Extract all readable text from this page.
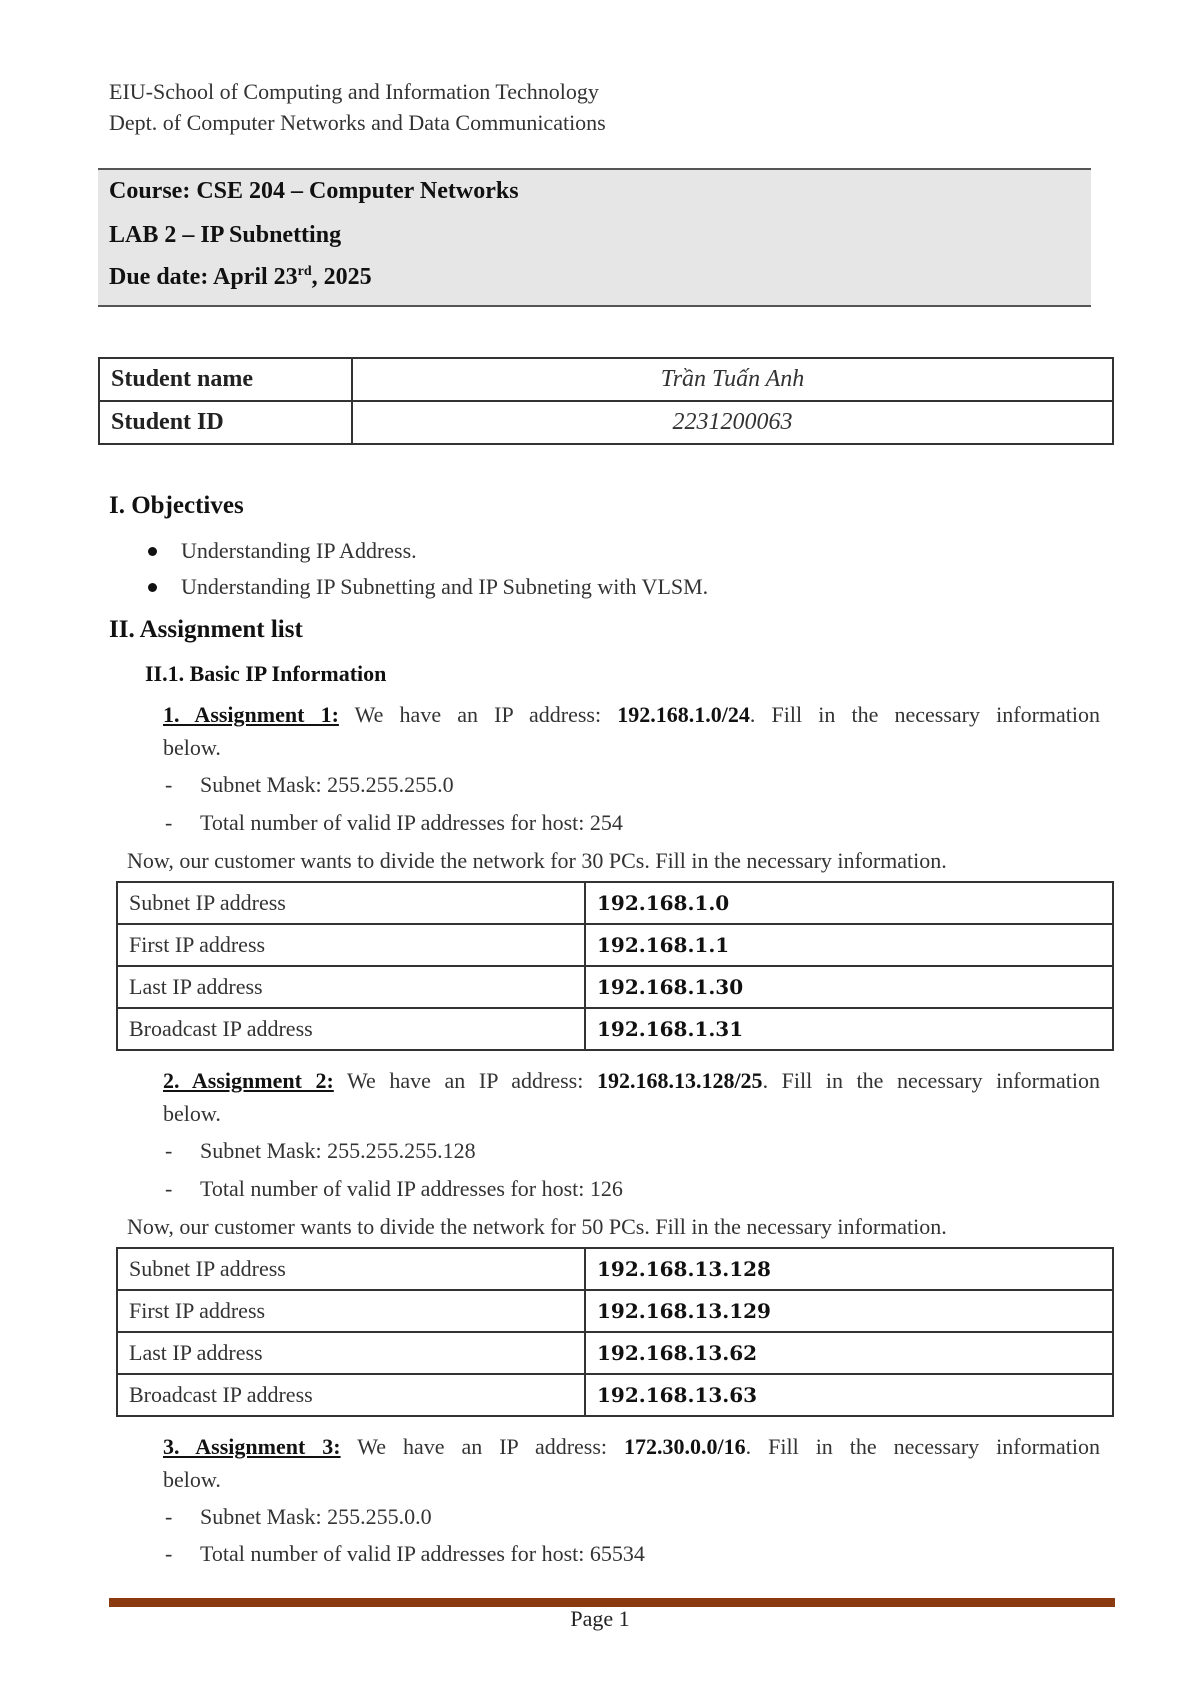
EIU-School of Computing and Information Technology
Dept. of Computer Networks and Data Communications
Course: CSE 204 – Computer Networks
LAB 2 – IP Subnetting
Due date: April 23rd, 2025
Student name	Trần Tuấn Anh
Student ID	2231200063
I. Objectives
Understanding IP Address.
Understanding IP Subnetting and IP Subneting with VLSM.
II. Assignment list
II.1. Basic IP Information
1. Assignment 1: We have an IP address: 192.168.1.0/24. Fill in the necessary information
below.
- Subnet Mask: 255.255.255.0
- Total number of valid IP addresses for host: 254
Now, our customer wants to divide the network for 30 PCs. Fill in the necessary information.
Subnet IP address	192.168.1.0
First IP address	192.168.1.1
Last IP address	192.168.1.30
Broadcast IP address	192.168.1.31
2. Assignment 2: We have an IP address: 192.168.13.128/25. Fill in the necessary information
below.
- Subnet Mask: 255.255.255.128
- Total number of valid IP addresses for host: 126
Now, our customer wants to divide the network for 50 PCs. Fill in the necessary information.
Subnet IP address	192.168.13.128
First IP address	192.168.13.129
Last IP address	192.168.13.62
Broadcast IP address	192.168.13.63
3. Assignment 3: We have an IP address: 172.30.0.0/16. Fill in the necessary information
below.
- Subnet Mask: 255.255.0.0
- Total number of valid IP addresses for host: 65534
Page 1
